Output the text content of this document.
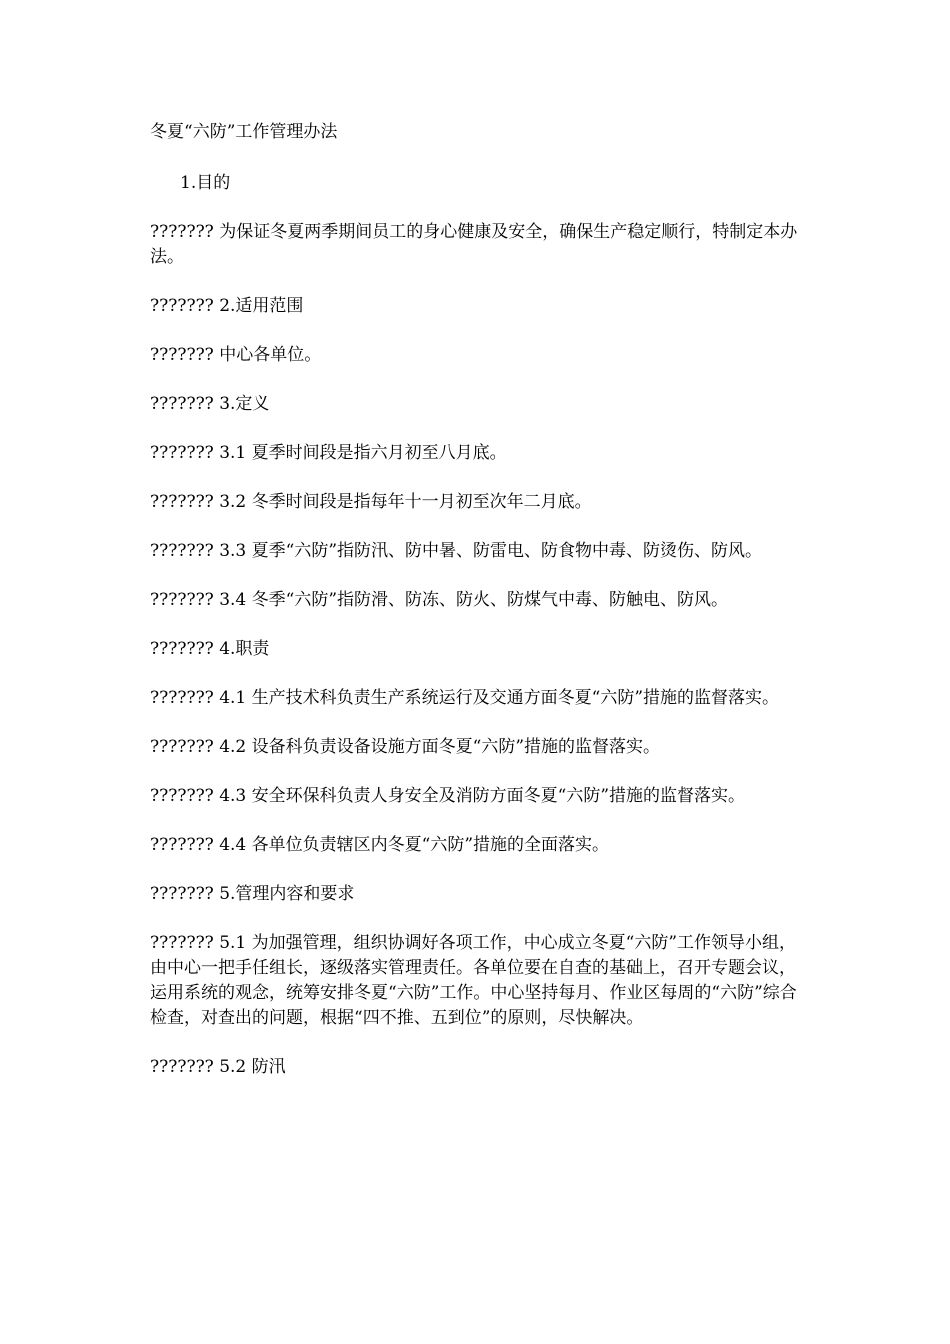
冬夏“六防”工作管理办法

1.目的

??????? 为保证冬夏两季期间员工的身心健康及安全，确保生产稳定顺行，特制定本办法。

??????? 2.适用范围

??????? 中心各单位。

??????? 3.定义

??????? 3.1 夏季时间段是指六月初至八月底。

??????? 3.2 冬季时间段是指每年十一月初至次年二月底。

??????? 3.3 夏季“六防”指防汛、防中暑、防雷电、防食物中毒、防烫伤、防风。

??????? 3.4 冬季“六防”指防滑、防冻、防火、防煤气中毒、防触电、防风。

??????? 4.职责

??????? 4.1 生产技术科负责生产系统运行及交通方面冬夏“六防”措施的监督落实。

??????? 4.2 设备科负责设备设施方面冬夏“六防”措施的监督落实。

??????? 4.3 安全环保科负责人身安全及消防方面冬夏“六防”措施的监督落实。

??????? 4.4 各单位负责辖区内冬夏“六防”措施的全面落实。

??????? 5.管理内容和要求

??????? 5.1 为加强管理，组织协调好各项工作，中心成立冬夏“六防”工作领导小组，由中心一把手任组长，逐级落实管理责任。各单位要在自查的基础上，召开专题会议，运用系统的观念，统筹安排冬夏“六防”工作。中心坚持每月、作业区每周的“六防”综合检查，对查出的问题，根据“四不推、五到位”的原则，尽快解决。

??????? 5.2 防汛
